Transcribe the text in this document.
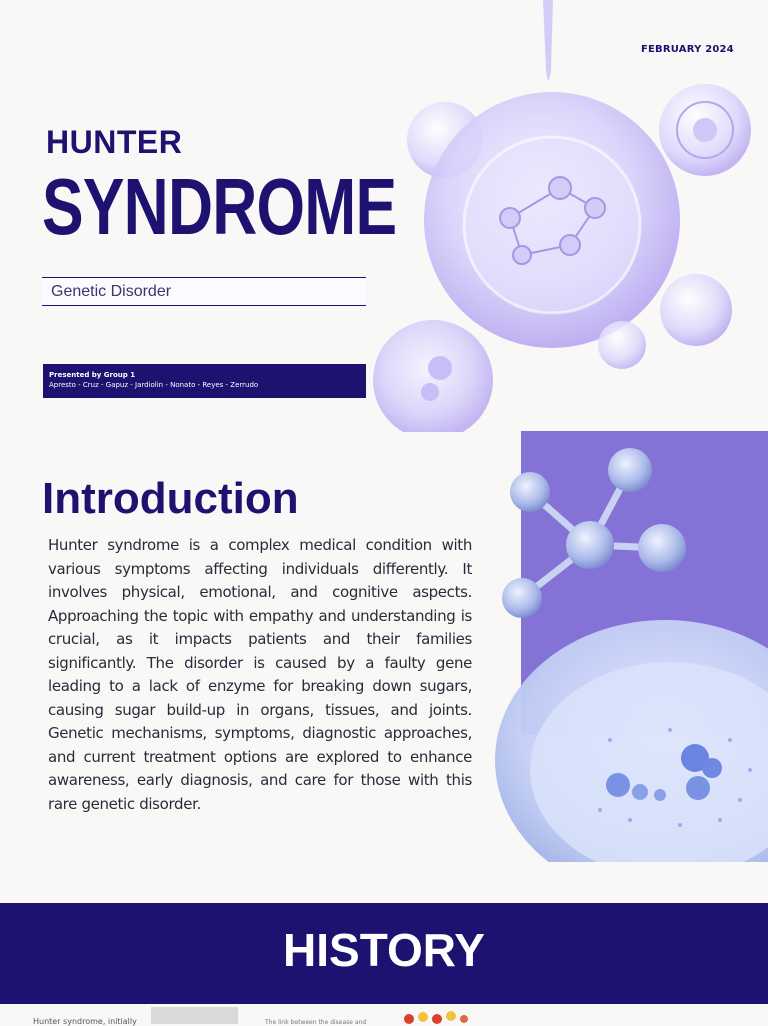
FEBRUARY 2024
HUNTER
SYNDROME
Genetic Disorder
Presented by Group 1
Apresto - Cruz - Gapuz - Jardiolin - Nonato - Reyes - Zerrudo
Introduction
Hunter syndrome is a complex medical condition with various symptoms affecting individuals differently. It involves physical, emotional, and cognitive aspects. Approaching the topic with empathy and understanding is crucial, as it impacts patients and their families significantly. The disorder is caused by a faulty gene leading to a lack of enzyme for breaking down sugars, causing sugar build-up in organs, tissues, and joints. Genetic mechanisms, symptoms, diagnostic approaches, and current treatment options are explored to enhance awareness, early diagnosis, and care for those with this rare genetic disorder.
HISTORY
Hunter syndrome, initially	The link between the disease and
